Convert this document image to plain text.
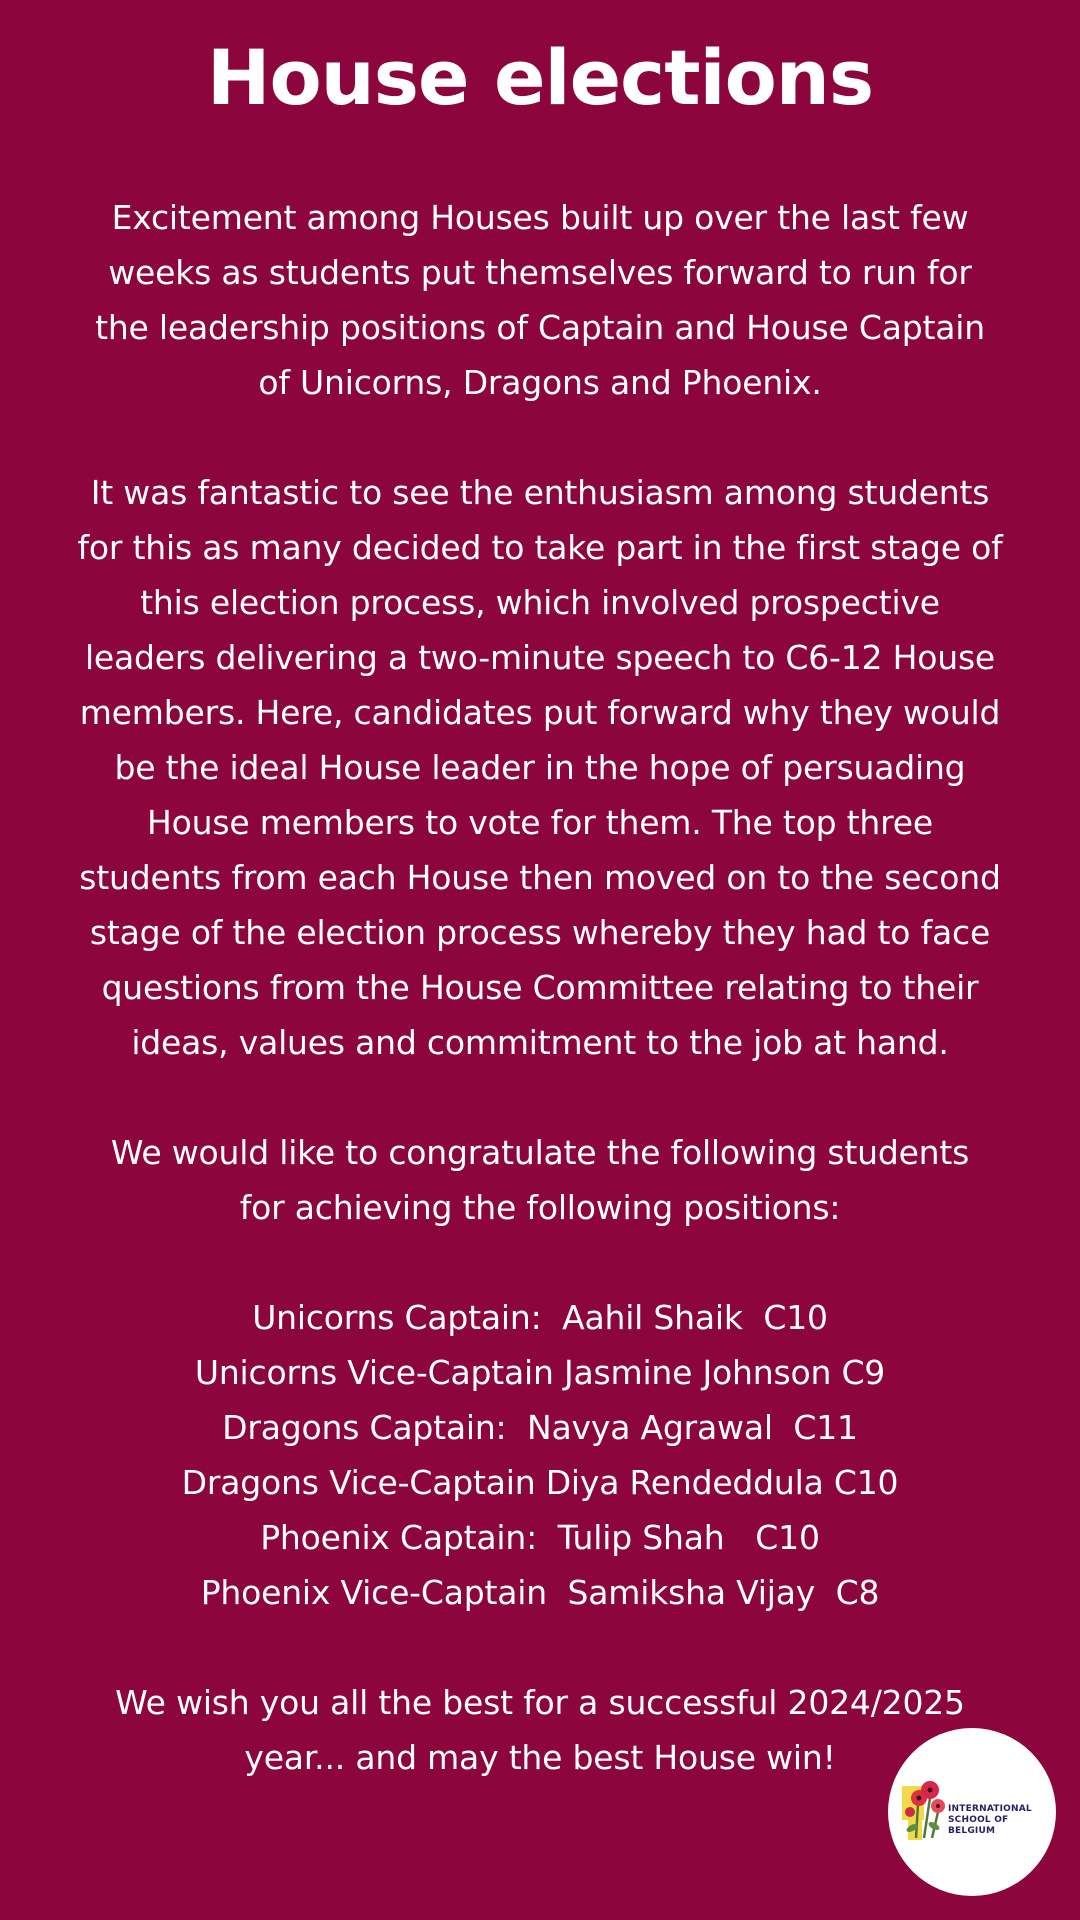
House elections

Excitement among Houses built up over the last few
weeks as students put themselves forward to run for
the leadership positions of Captain and House Captain
of Unicorns, Dragons and Phoenix.

It was fantastic to see the enthusiasm among students
for this as many decided to take part in the first stage of
this election process, which involved prospective
leaders delivering a two-minute speech to C6-12 House
members. Here, candidates put forward why they would
be the ideal House leader in the hope of persuading
House members to vote for them. The top three
students from each House then moved on to the second
stage of the election process whereby they had to face
questions from the House Committee relating to their
ideas, values and commitment to the job at hand.

We would like to congratulate the following students
for achieving the following positions:

Unicorns Captain:  Aahil Shaik  C10
Unicorns Vice-Captain Jasmine Johnson C9
Dragons Captain:  Navya Agrawal  C11
Dragons Vice-Captain Diya Rendeddula C10
Phoenix Captain:  Tulip Shah   C10
Phoenix Vice-Captain  Samiksha Vijay  C8

We wish you all the best for a successful 2024/2025
year... and may the best House win!

INTERNATIONAL
SCHOOL OF
BELGIUM
